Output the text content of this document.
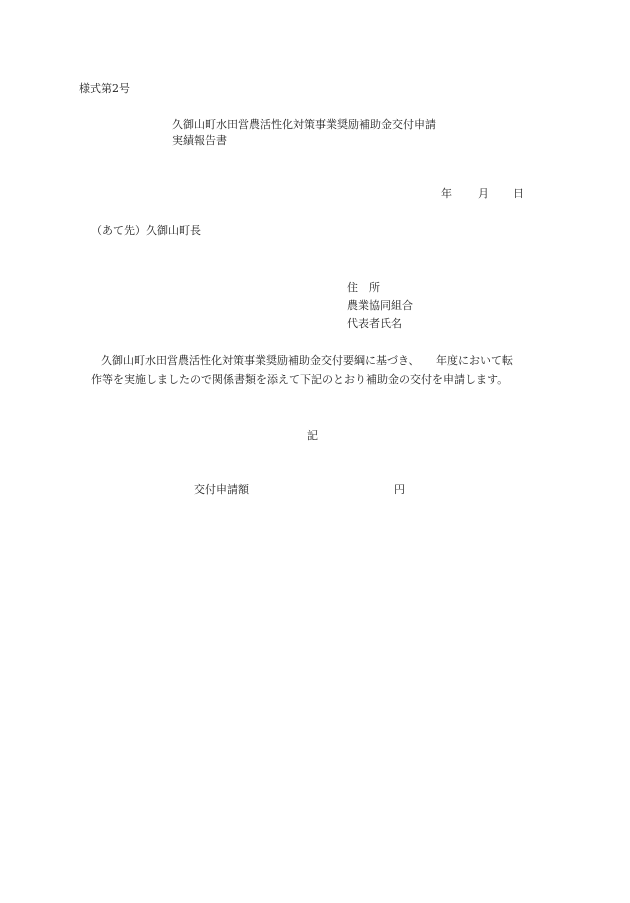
様式第2号
久御山町水田営農活性化対策事業奨励補助金交付申請
実績報告書
年 月 日
（あて先）久御山町長
住　所
農業協同組合
代表者氏名
久御山町水田営農活性化対策事業奨励補助金交付要綱に基づき、　　年度において転
作等を実施しましたので関係書類を添えて下記のとおり補助金の交付を申請します。
記
交付申請額	円
